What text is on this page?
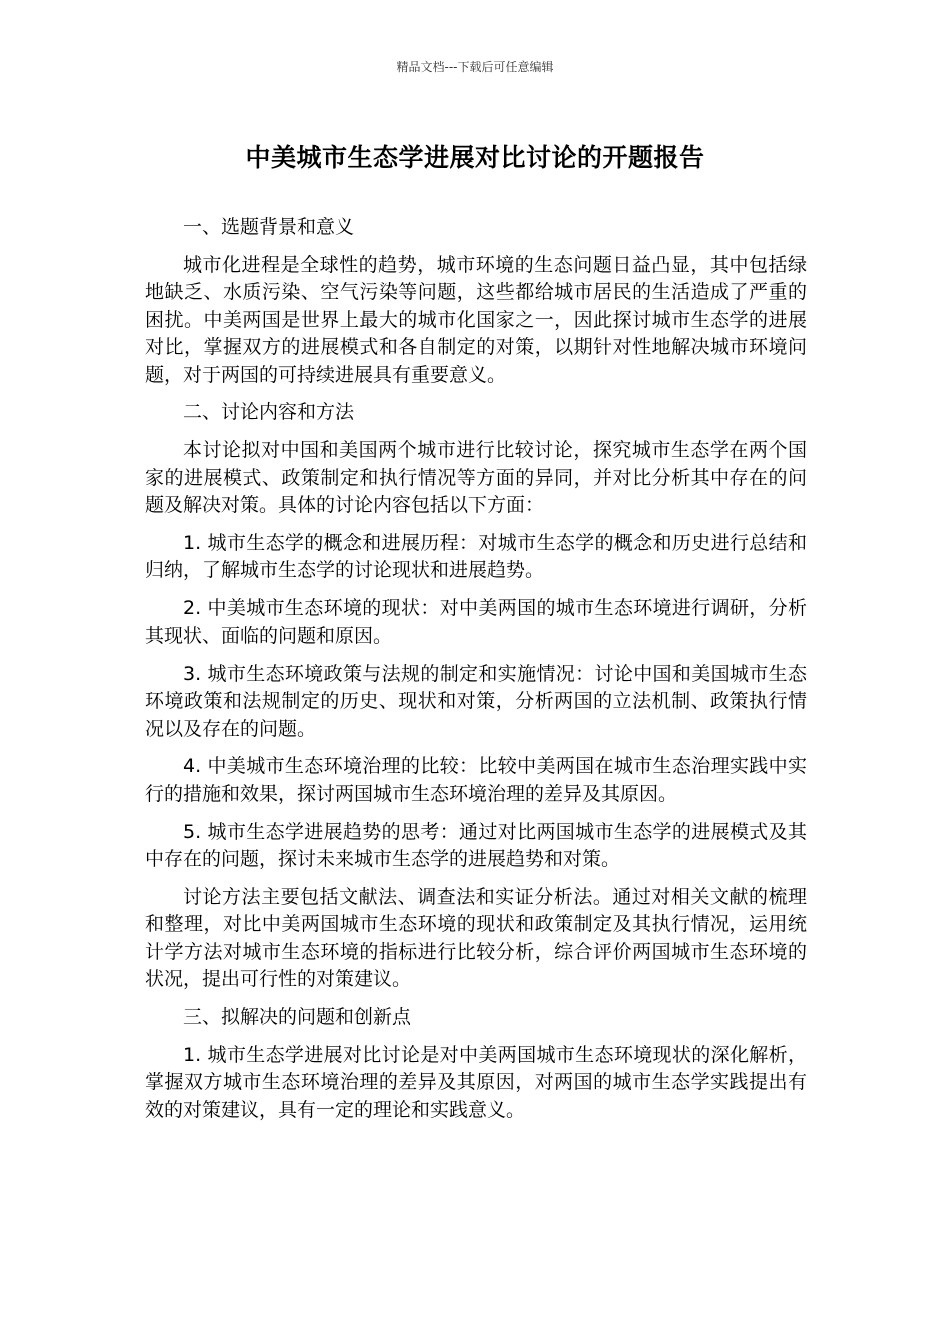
精品文档---下载后可任意编辑
中美城市生态学进展对比讨论的开题报告

一、选题背景和意义

城市化进程是全球性的趋势，城市环境的生态问题日益凸显，其中包括绿地缺乏、水质污染、空气污染等问题，这些都给城市居民的生活造成了严重的困扰。中美两国是世界上最大的城市化国家之一，因此探讨城市生态学的进展对比，掌握双方的进展模式和各自制定的对策，以期针对性地解决城市环境问题，对于两国的可持续进展具有重要意义。

二、讨论内容和方法

本讨论拟对中国和美国两个城市进行比较讨论，探究城市生态学在两个国家的进展模式、政策制定和执行情况等方面的异同，并对比分析其中存在的问题及解决对策。具体的讨论内容包括以下方面：

1. 城市生态学的概念和进展历程：对城市生态学的概念和历史进行总结和归纳，了解城市生态学的讨论现状和进展趋势。

2. 中美城市生态环境的现状：对中美两国的城市生态环境进行调研，分析其现状、面临的问题和原因。

3. 城市生态环境政策与法规的制定和实施情况：讨论中国和美国城市生态环境政策和法规制定的历史、现状和对策，分析两国的立法机制、政策执行情况以及存在的问题。

4. 中美城市生态环境治理的比较：比较中美两国在城市生态治理实践中实行的措施和效果，探讨两国城市生态环境治理的差异及其原因。

5. 城市生态学进展趋势的思考：通过对比两国城市生态学的进展模式及其中存在的问题，探讨未来城市生态学的进展趋势和对策。

讨论方法主要包括文献法、调查法和实证分析法。通过对相关文献的梳理和整理，对比中美两国城市生态环境的现状和政策制定及其执行情况，运用统计学方法对城市生态环境的指标进行比较分析，综合评价两国城市生态环境的状况，提出可行性的对策建议。

三、拟解决的问题和创新点

1. 城市生态学进展对比讨论是对中美两国城市生态环境现状的深化解析，掌握双方城市生态环境治理的差异及其原因，对两国的城市生态学实践提出有效的对策建议，具有一定的理论和实践意义。
